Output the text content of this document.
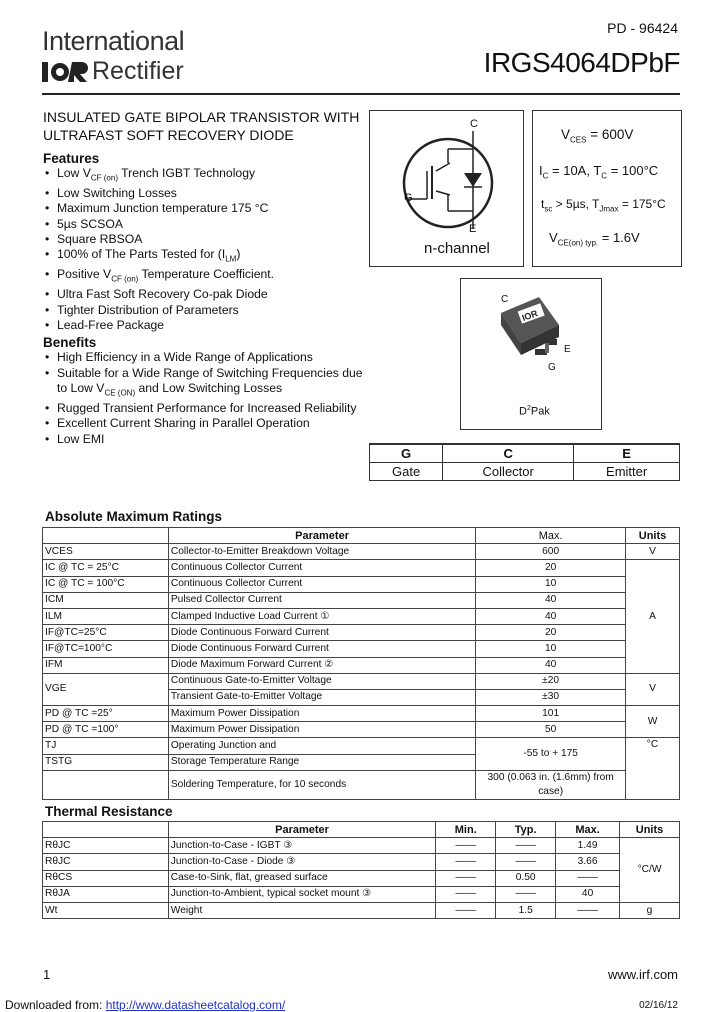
International
Rectifier
PD - 96424
IRGS4064DPbF
INSULATED GATE BIPOLAR TRANSISTOR WITH ULTRAFAST SOFT RECOVERY DIODE
Features
• Low $V_{CF (on)}$ Trench IGBT Technology
• Low Switching Losses
• Maximum Junction temperature 175 °C
• 5µs SCSOA
• Square RBSOA
• 100% of The Parts Tested for $(I_{LM})$
• Positive $V_{CF (on)}$ Temperature Coefficient.
• Ultra Fast Soft Recovery Co-pak Diode
• Tighter Distribution of Parameters
• Lead-Free Package
Benefits
• High Efficiency in a Wide Range of Applications
• Suitable for a Wide Range of Switching Frequencies due
to Low $V_{CE (ON)}$ and Low Switching Losses
• Rugged Transient Performance for Increased Reliability
• Excellent Current Sharing in Parallel Operation
• Low EMI
C
G
E
n-channel
$V_{CES} = 600V$
$I_C = 10A$, $T_C = 100^\circ C$
$t_{sc} > 5\mu s$, $T_{Jmax} = 175^\circ C$
$V_{CE(on) typ.} = 1.6V$
IOR
C
E
G
$D^2Pak$
G	C	E
Gate	Collector	Emitter
Absolute Maximum Ratings
	Parameter	Max.	Units
VCES	Collector-to-Emitter Breakdown Voltage	600	V
IC @ TC = 25°C	Continuous Collector Current	20	A
IC @ TC = 100°C	Continuous Collector Current	10	
ICM	Pulsed Collector Current	40	
ILM	Clamped Inductive Load Current ①	40	
IF@TC=25°C	Diode Continuous Forward Current	20	
IF@TC=100°C	Diode Continuous Forward Current	10	
IFM	Diode Maximum Forward Current ②	40	
VGE	Continuous Gate-to-Emitter Voltage	±20	V
	Transient Gate-to-Emitter Voltage	±30	
PD @ TC =25°	Maximum Power Dissipation	101	W
PD @ TC =100°	Maximum Power Dissipation	50	
TJ	Operating Junction and	-55 to + 175	°C
TSTG	Storage Temperature Range		
	Soldering Temperature, for 10 seconds	300 (0.063 in. (1.6mm) from case)	
Thermal Resistance
	Parameter	Min.	Typ.	Max.	Units
RθJC	Junction-to-Case - IGBT ③	——	——	1.49	°C/W
RθJC	Junction-to-Case - Diode ③	——	——	3.66	
RθCS	Case-to-Sink, flat, greased surface	——	0.50	——	
RθJA	Junction-to-Ambient, typical socket mount ③	——	——	40	
Wt	Weight	——	1.5	——	g
1	www.irf.com
Downloaded from: http://www.datasheetcatalog.com/	02/16/12
